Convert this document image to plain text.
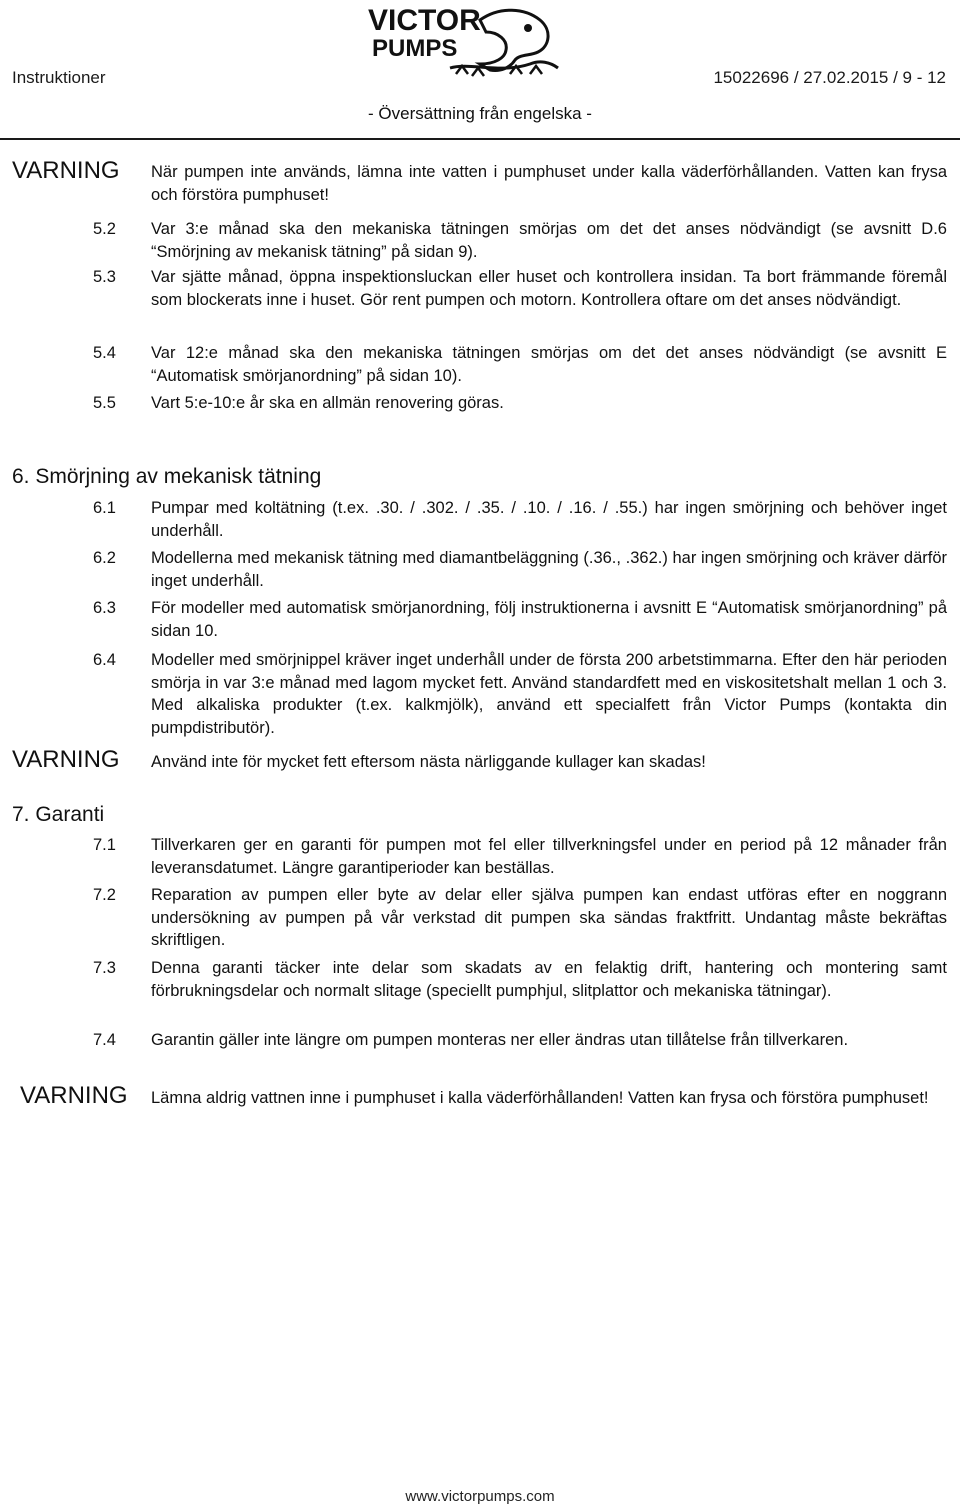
Instruktioner	15022696 / 27.02.2015 / 9 - 12
VICTOR
PUMPS
- Översättning från engelska -
VARNING När pumpen inte används, lämna inte vatten i pumphuset under kalla väderförhållanden. Vatten kan frysa och förstöra pumphuset!
5.2 Var 3:e månad ska den mekaniska tätningen smörjas om det det anses nödvändigt (se avsnitt D.6 “Smörjning av mekanisk tätning” på sidan 9).
5.3 Var sjätte månad, öppna inspektionsluckan eller huset och kontrollera insidan. Ta bort främmande föremål som blockerats inne i huset. Gör rent pumpen och motorn. Kontrollera oftare om det anses nödvändigt.
5.4 Var 12:e månad ska den mekaniska tätningen smörjas om det det anses nödvändigt (se avsnitt E “Automatisk smörjanordning” på sidan 10).
5.5 Vart 5:e-10:e år ska en allmän renovering göras.
6. Smörjning av mekanisk tätning
6.1 Pumpar med koltätning (t.ex. .30. / .302. / .35. / .10. / .16. / .55.) har ingen smörjning och behöver inget underhåll.
6.2 Modellerna med mekanisk tätning med diamantbeläggning (.36., .362.) har ingen smörjning och kräver därför inget underhåll.
6.3 För modeller med automatisk smörjanordning, följ instruktionerna i avsnitt E “Automatisk smörjanordning” på sidan 10.
6.4 Modeller med smörjnippel kräver inget underhåll under de första 200 arbetstimmarna. Efter den här perioden smörja in var 3:e månad med lagom mycket fett. Använd standardfett med en viskositetshalt mellan 1 och 3. Med alkaliska produkter (t.ex. kalkmjölk), använd ett specialfett från Victor Pumps (kontakta din pumpdistributör).
VARNING Använd inte för mycket fett eftersom nästa närliggande kullager kan skadas!
7. Garanti
7.1 Tillverkaren ger en garanti för pumpen mot fel eller tillverkningsfel under en period på 12 månader från leveransdatumet. Längre garantiperioder kan beställas.
7.2 Reparation av pumpen eller byte av delar eller själva pumpen kan endast utföras efter en noggrann undersökning av pumpen på vår verkstad dit pumpen ska sändas fraktfritt. Undantag måste bekräftas skriftligen.
7.3 Denna garanti täcker inte delar som skadats av en felaktig drift, hantering och montering samt förbrukningsdelar och normalt slitage (speciellt pumphjul, slitplattor och mekaniska tätningar).
7.4 Garantin gäller inte längre om pumpen monteras ner eller ändras utan tillåtelse från tillverkaren.
VARNING Lämna aldrig vattnen inne i pumphuset i kalla väderförhållanden! Vatten kan frysa och förstöra pumphuset!
www.victorpumps.com
